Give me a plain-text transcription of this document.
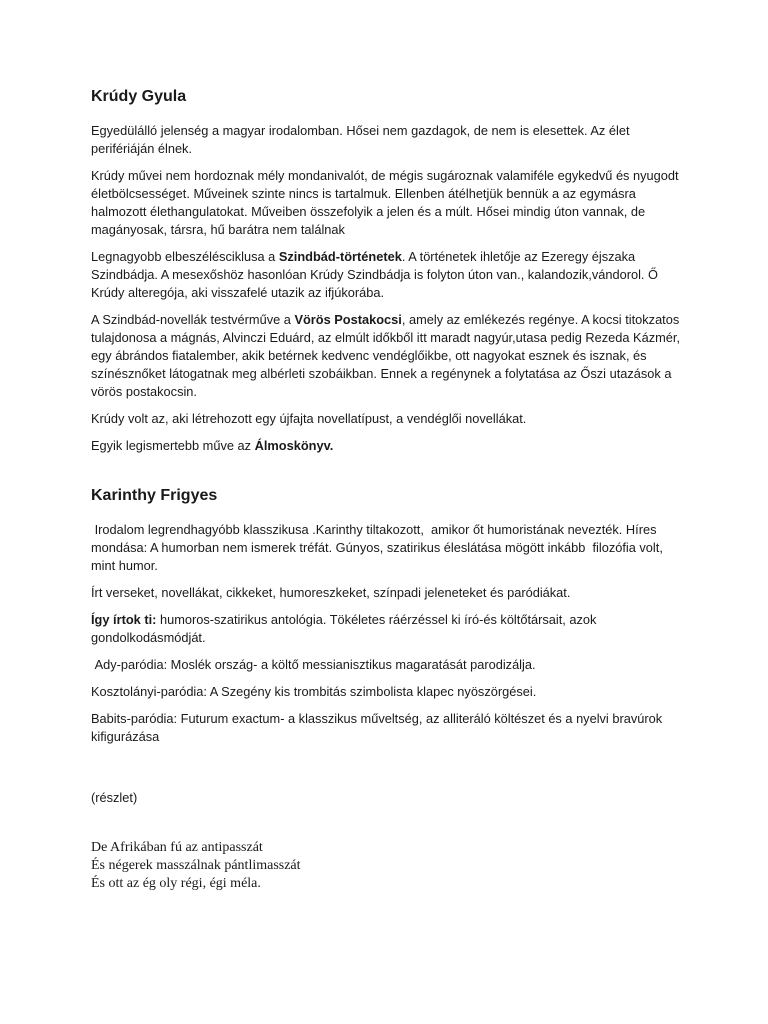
Krúdy Gyula

Egyedülálló jelenség a magyar irodalomban. Hősei nem gazdagok, de nem is elesettek. Az élet perifériáján élnek.

Krúdy művei nem hordoznak mély mondanivalót, de mégis sugároznak valamiféle egykedvű és nyugodt életbölcsességet. Műveinek szinte nincs is tartalmuk. Ellenben átélhetjük bennük a az egymásra halmozott élethangulatokat. Műveiben összefolyik a jelen és a múlt. Hősei mindig úton vannak, de magányosak, társra, hű barátra nem találnak

Legnagyobb elbeszélésciklusa a Szindbád-történetek. A történetek ihletője az Ezeregy éjszaka Szindbádja. A meseхőshöz hasonlóan Krúdy Szindbádja is folyton úton van., kalandozik,vándorol. Ő Krúdy alteregója, aki visszafelé utazik az ifjúkorába.

A Szindbád-novellák testvérműve a Vörös Postakocsi, amely az emlékezés regénye. A kocsi titokzatos tulajdonosa a mágnás, Alvinczi Eduárd, az elmúlt időkből itt maradt nagyúr,utasa pedig Rezeda Kázmér, egy ábrándos fiatalember, akik betérnek kedvenc vendéglőikbe, ott nagyokat esznek és isznak, és színésznőket látogatnak meg albérleti szobáikban. Ennek a regénynek a folytatása az Őszi utazások a vörös postakocsin.

Krúdy volt az, aki létrehozott egy újfajta novellatípust, a vendéglői novellákat.

Egyik legismertebb műve az Álmoskönyv.

Karinthy Frigyes

Irodalom legrendhagyóbb klasszikusa .Karinthy tiltakozott,  amikor őt humoristának nevezték. Híres mondása: A humorban nem ismerek tréfát. Gúnyos, szatirikus éleslátása mögött inkább  filozófia volt, mint humor.

Írt verseket, novellákat, cikkeket, humoreszkeket, színpadi jeleneteket és paródiákat.

Így írtok ti: humoros-szatirikus antológia. Tökéletes ráérzéssel ki író-és költőtársait, azok gondolkodásmódját.

Ady-paródia: Moslék ország- a költő messianisztikus magaratását parodizálja.

Kosztolányi-paródia: A Szegény kis trombitás szimbolista klapec nyöszörgései.

Babits-paródia: Futurum exactum- a klasszikus műveltség, az alliteráló költészet és a nyelvi bravúrok kifigurázása

(részlet)

De Afrikában fú az antipasszát
És négerek masszálnak pántlimasszát
És ott az ég oly régi, égi méla.
